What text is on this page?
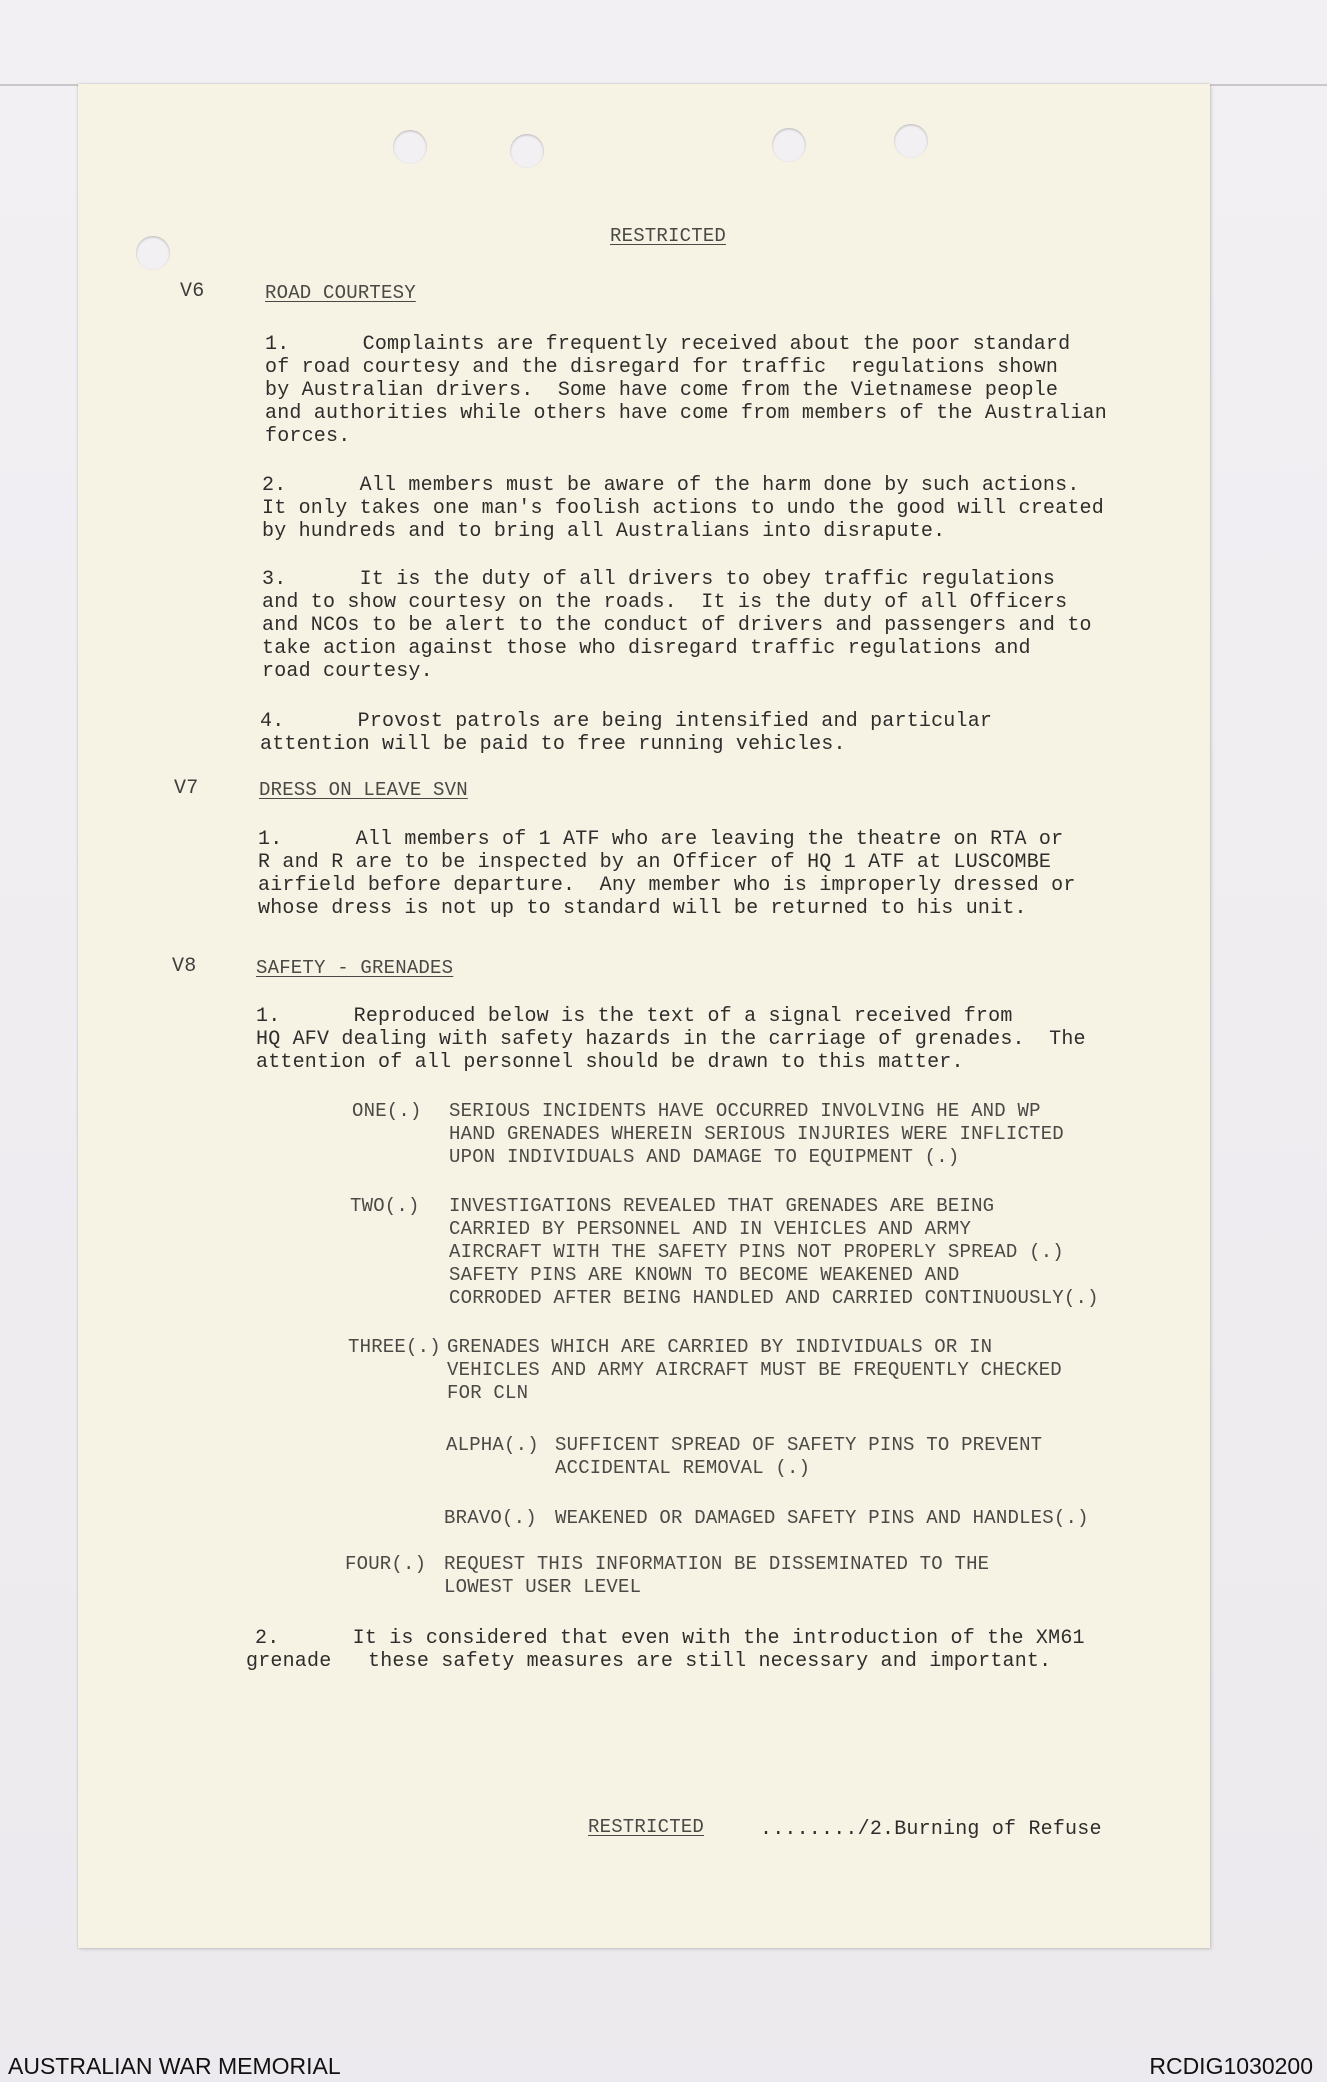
RESTRICTED
V6	ROAD COURTESY
1.      Complaints are frequently received about the poor standard
of road courtesy and the disregard for traffic  regulations shown
by Australian drivers.  Some have come from the Vietnamese people
and authorities while others have come from members of the Australian
forces.
2.      All members must be aware of the harm done by such actions.
It only takes one man's foolish actions to undo the good will created
by hundreds and to bring all Australians into disrapute.
3.      It is the duty of all drivers to obey traffic regulations
and to show courtesy on the roads.  It is the duty of all Officers
and NCOs to be alert to the conduct of drivers and passengers and to
take action against those who disregard traffic regulations and
road courtesy.
4.      Provost patrols are being intensified and particular
attention will be paid to free running vehicles.
V7	DRESS ON LEAVE SVN
1.      All members of 1 ATF who are leaving the theatre on RTA or
R and R are to be inspected by an Officer of HQ 1 ATF at LUSCOMBE
airfield before departure.  Any member who is improperly dressed or
whose dress is not up to standard will be returned to his unit.
V8	SAFETY - GRENADES
1.      Reproduced below is the text of a signal received from
HQ AFV dealing with safety hazards in the carriage of grenades.  The
attention of all personnel should be drawn to this matter.
ONE(.) SERIOUS INCIDENTS HAVE OCCURRED INVOLVING HE AND WP
HAND GRENADES WHEREIN SERIOUS INJURIES WERE INFLICTED
UPON INDIVIDUALS AND DAMAGE TO EQUIPMENT (.)
TWO(.) INVESTIGATIONS REVEALED THAT GRENADES ARE BEING
CARRIED BY PERSONNEL AND IN VEHICLES AND ARMY
AIRCRAFT WITH THE SAFETY PINS NOT PROPERLY SPREAD (.)
SAFETY PINS ARE KNOWN TO BECOME WEAKENED AND
CORRODED AFTER BEING HANDLED AND CARRIED CONTINUOUSLY(.)
THREE(.) GRENADES WHICH ARE CARRIED BY INDIVIDUALS OR IN
VEHICLES AND ARMY AIRCRAFT MUST BE FREQUENTLY CHECKED
FOR CLN
ALPHA(.) SUFFICENT SPREAD OF SAFETY PINS TO PREVENT
ACCIDENTAL REMOVAL (.)
BRAVO(.) WEAKENED OR DAMAGED SAFETY PINS AND HANDLES(.)
FOUR(.) REQUEST THIS INFORMATION BE DISSEMINATED TO THE
LOWEST USER LEVEL
2.      It is considered that even with the introduction of the XM61
grenade   these safety measures are still necessary and important.
RESTRICTED	......../2.Burning of Refuse
AUSTRALIAN WAR MEMORIAL	RCDIG1030200
